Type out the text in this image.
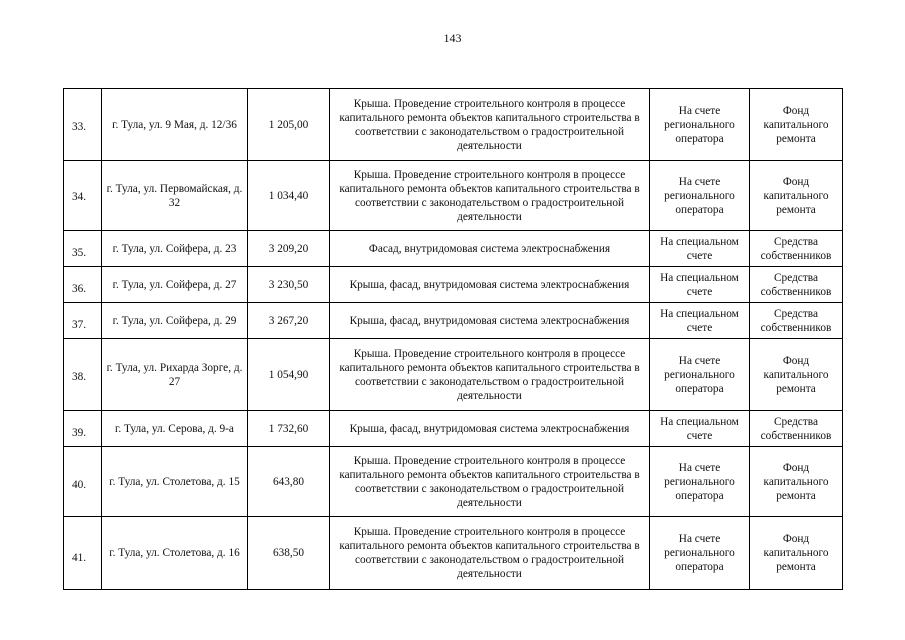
143
33.	г. Тула, ул. 9 Мая, д. 12/36	1 205,00	Крыша. Проведение строительного контроля в процессе капитального ремонта объектов капитального строительства в соответствии с законодательством о градостроительной деятельности	На счете регионального оператора	Фонд капитального ремонта
34.	г. Тула, ул. Первомайская, д. 32	1 034,40	Крыша. Проведение строительного контроля в процессе капитального ремонта объектов капитального строительства в соответствии с законодательством о градостроительной деятельности	На счете регионального оператора	Фонд капитального ремонта
35.	г. Тула, ул. Сойфера, д. 23	3 209,20	Фасад, внутридомовая система электроснабжения	На специальном счете	Средства собственников
36.	г. Тула, ул. Сойфера, д. 27	3 230,50	Крыша, фасад, внутридомовая система электроснабжения	На специальном счете	Средства собственников
37.	г. Тула, ул. Сойфера, д. 29	3 267,20	Крыша, фасад, внутридомовая система электроснабжения	На специальном счете	Средства собственников
38.	г. Тула, ул. Рихарда Зорге, д. 27	1 054,90	Крыша. Проведение строительного контроля в процессе капитального ремонта объектов капитального строительства в соответствии с законодательством о градостроительной деятельности	На счете регионального оператора	Фонд капитального ремонта
39.	г. Тула, ул. Серова, д. 9-а	1 732,60	Крыша, фасад, внутридомовая система электроснабжения	На специальном счете	Средства собственников
40.	г. Тула, ул. Столетова, д. 15	643,80	Крыша. Проведение строительного контроля в процессе капитального ремонта объектов капитального строительства в соответствии с законодательством о градостроительной деятельности	На счете регионального оператора	Фонд капитального ремонта
41.	г. Тула, ул. Столетова, д. 16	638,50	Крыша. Проведение строительного контроля в процессе капитального ремонта объектов капитального строительства в соответствии с законодательством о градостроительной деятельности	На счете регионального оператора	Фонд капитального ремонта
